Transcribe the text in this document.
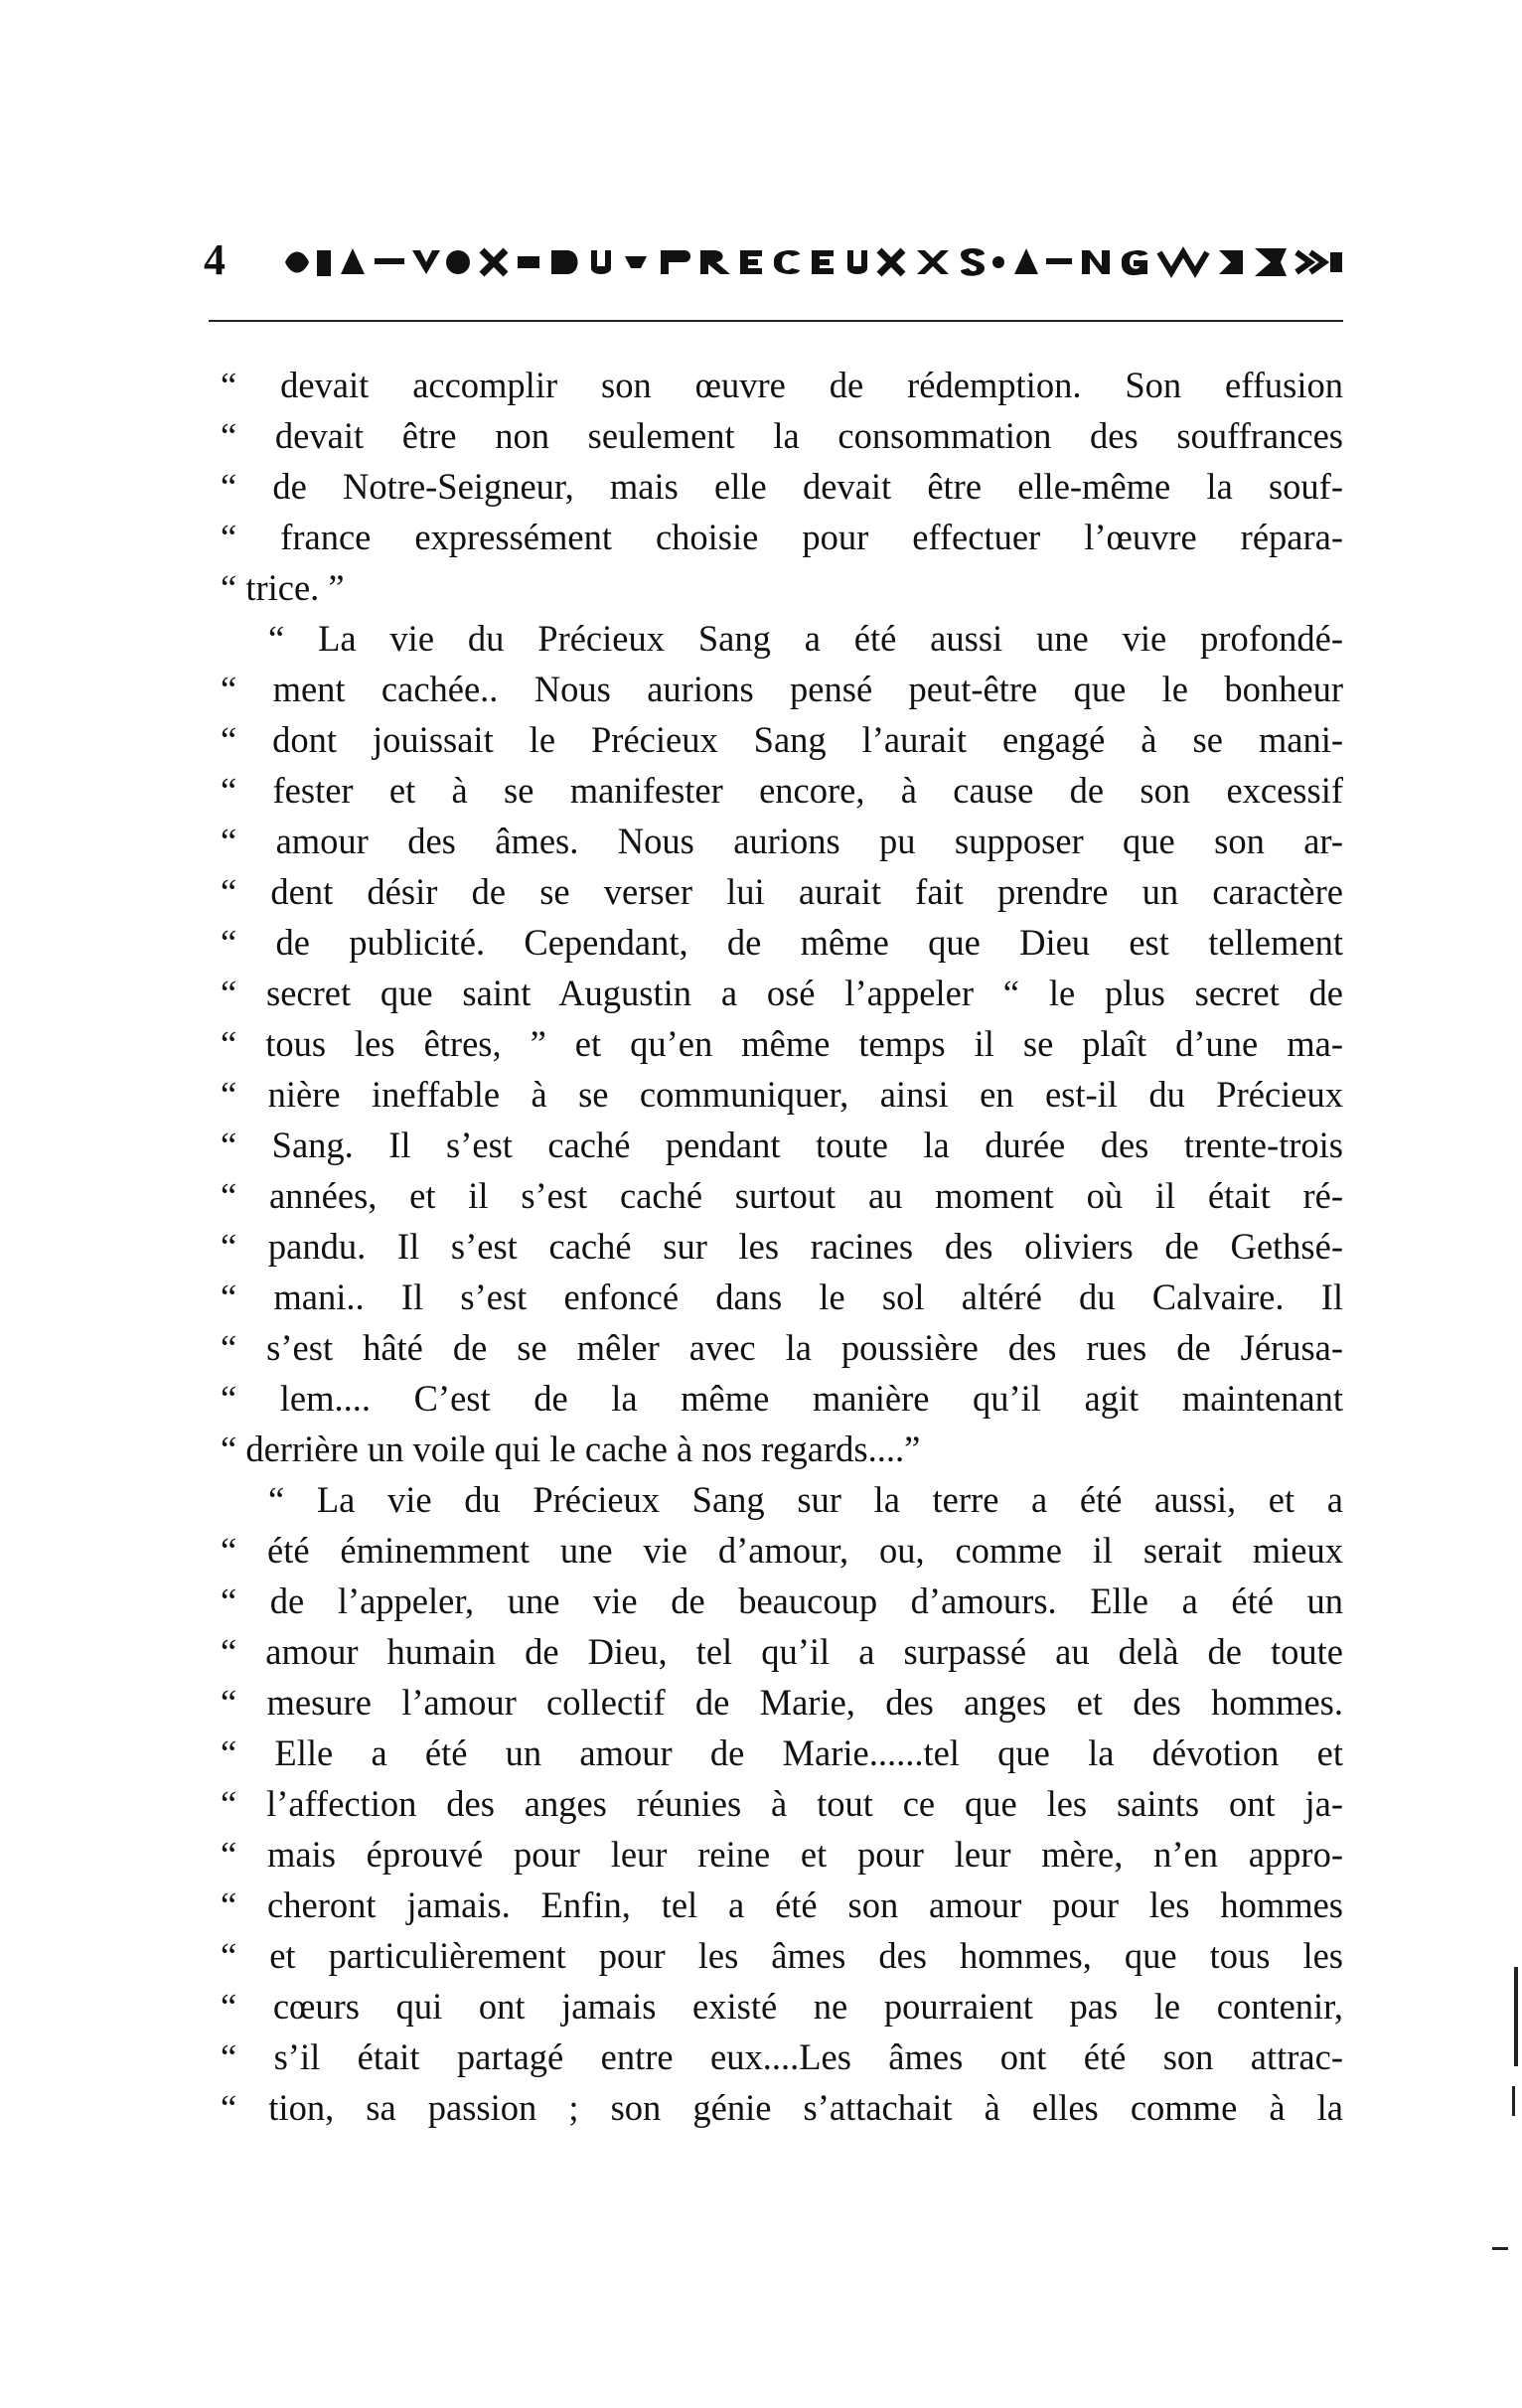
4
“ devait accomplir son œuvre de rédemption. Son effusion
“ devait être non seulement la consommation des souffrances
“ de Notre-Seigneur, mais elle devait être elle-même la souf-
“ france expressément choisie pour effectuer l’œuvre répara-
“ trice. ”
“ La vie du Précieux Sang a été aussi une vie profondé-
“ ment cachée.. Nous aurions pensé peut-être que le bonheur
“ dont jouissait le Précieux Sang l’aurait engagé à se mani-
“ fester et à se manifester encore, à cause de son excessif
“ amour des âmes. Nous aurions pu supposer que son ar-
“ dent désir de se verser lui aurait fait prendre un caractère
“ de publicité. Cependant, de même que Dieu est tellement
“ secret que saint Augustin a osé l’appeler “ le plus secret de
“ tous les êtres, ” et qu’en même temps il se plaît d’une ma-
“ nière ineffable à se communiquer, ainsi en est-il du Précieux
“ Sang. Il s’est caché pendant toute la durée des trente-trois
“ années, et il s’est caché surtout au moment où il était ré-
“ pandu. Il s’est caché sur les racines des oliviers de Gethsé-
“ mani.. Il s’est enfoncé dans le sol altéré du Calvaire. Il
“ s’est hâté de se mêler avec la poussière des rues de Jérusa-
“ lem.... C’est de la même manière qu’il agit maintenant
“ derrière un voile qui le cache à nos regards....”
“ La vie du Précieux Sang sur la terre a été aussi, et a
“ été éminemment une vie d’amour, ou, comme il serait mieux
“ de l’appeler, une vie de beaucoup d’amours. Elle a été un
“ amour humain de Dieu, tel qu’il a surpassé au delà de toute
“ mesure l’amour collectif de Marie, des anges et des hommes.
“ Elle a été un amour de Marie......tel que la dévotion et
“ l’affection des anges réunies à tout ce que les saints ont ja-
“ mais éprouvé pour leur reine et pour leur mère, n’en appro-
“ cheront jamais. Enfin, tel a été son amour pour les hommes
“ et particulièrement pour les âmes des hommes, que tous les
“ cœurs qui ont jamais existé ne pourraient pas le contenir,
“ s’il était partagé entre eux....Les âmes ont été son attrac-
“ tion, sa passion ; son génie s’attachait à elles comme à la
